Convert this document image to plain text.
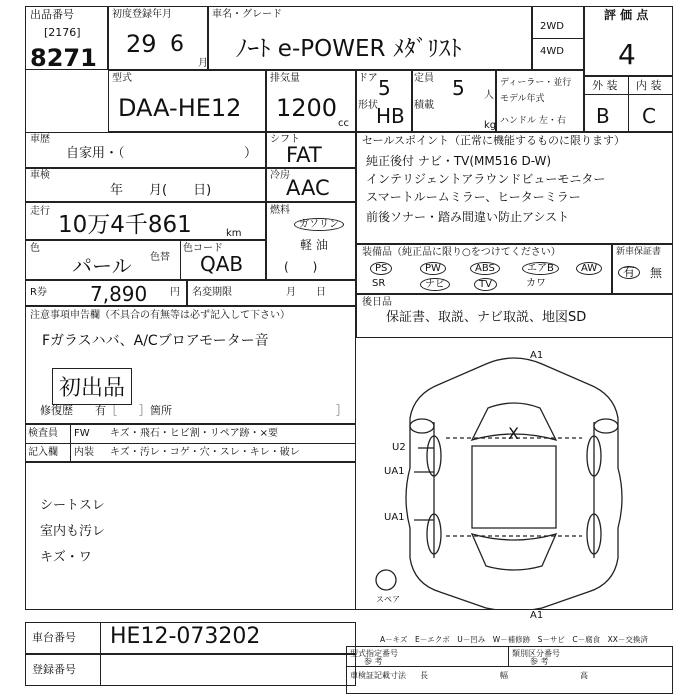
出品番号
[2176]
8271
初度登録年月
29 6
月
車名・グレード
ﾉｰﾄ e-POWER ﾒﾀﾞﾘｽﾄ
2WD
4WD
評 価 点
4
外 装 内 装
B C
型式
DAA-HE12
排気量
1200
cc
ドア 5
形状
HB
定員 5 人
積載
kg
ディーラー・並行
モデル年式
ハンドル 左・右
車歴
自家用・（	）
車検
年　　月(　　日)
走行
10万4千861	km
色
パール 色替
色コード
QAB
R券 7,890 円 名変期限	月　　日
シフト
FAT
冷房
AAC
燃料
ガソリン
軽 油
(　　)
セールスポイント（正常に機能するものに限ります）
純正後付 ナビ・TV(MM516 D-W)
インテリジェントアラウンドビューモニター
スマートルームミラー、ヒーターミラー
前後ソナー・踏み間違い防止アシスト
装備品（純正品に限り○をつけてください）
PS	PW	ABS	エアB	AW
SR	ナビ	TV	カワ
新車保証書
有	無
後日品
保証書、取説、ナビ取説、地図SD
注意事項申告欄（不具合の有無等は必ず記入して下さい）
Fガラスハバ、A/Cブロアモーター音
初出品
修復歴　　有［　　］箇所	］
検査員
記入欄
FW
内装
キズ・飛石・ヒビ割・リペア跡・×要
キズ・汚レ・コゲ・穴・スレ・キレ・破レ
シートスレ
室内も汚レ
キズ・ワ
A1
U2
UA1
UA1
A1
X
スペア
車台番号 HE12-073202
登録番号
A－キズ　E－エクボ　U－凹み　W－補修跡　S－サビ　C－腐食　XX－交換済
型式指定番号	類別区分番号
参 考	参 考
車検証記載寸法 長	幅	高
